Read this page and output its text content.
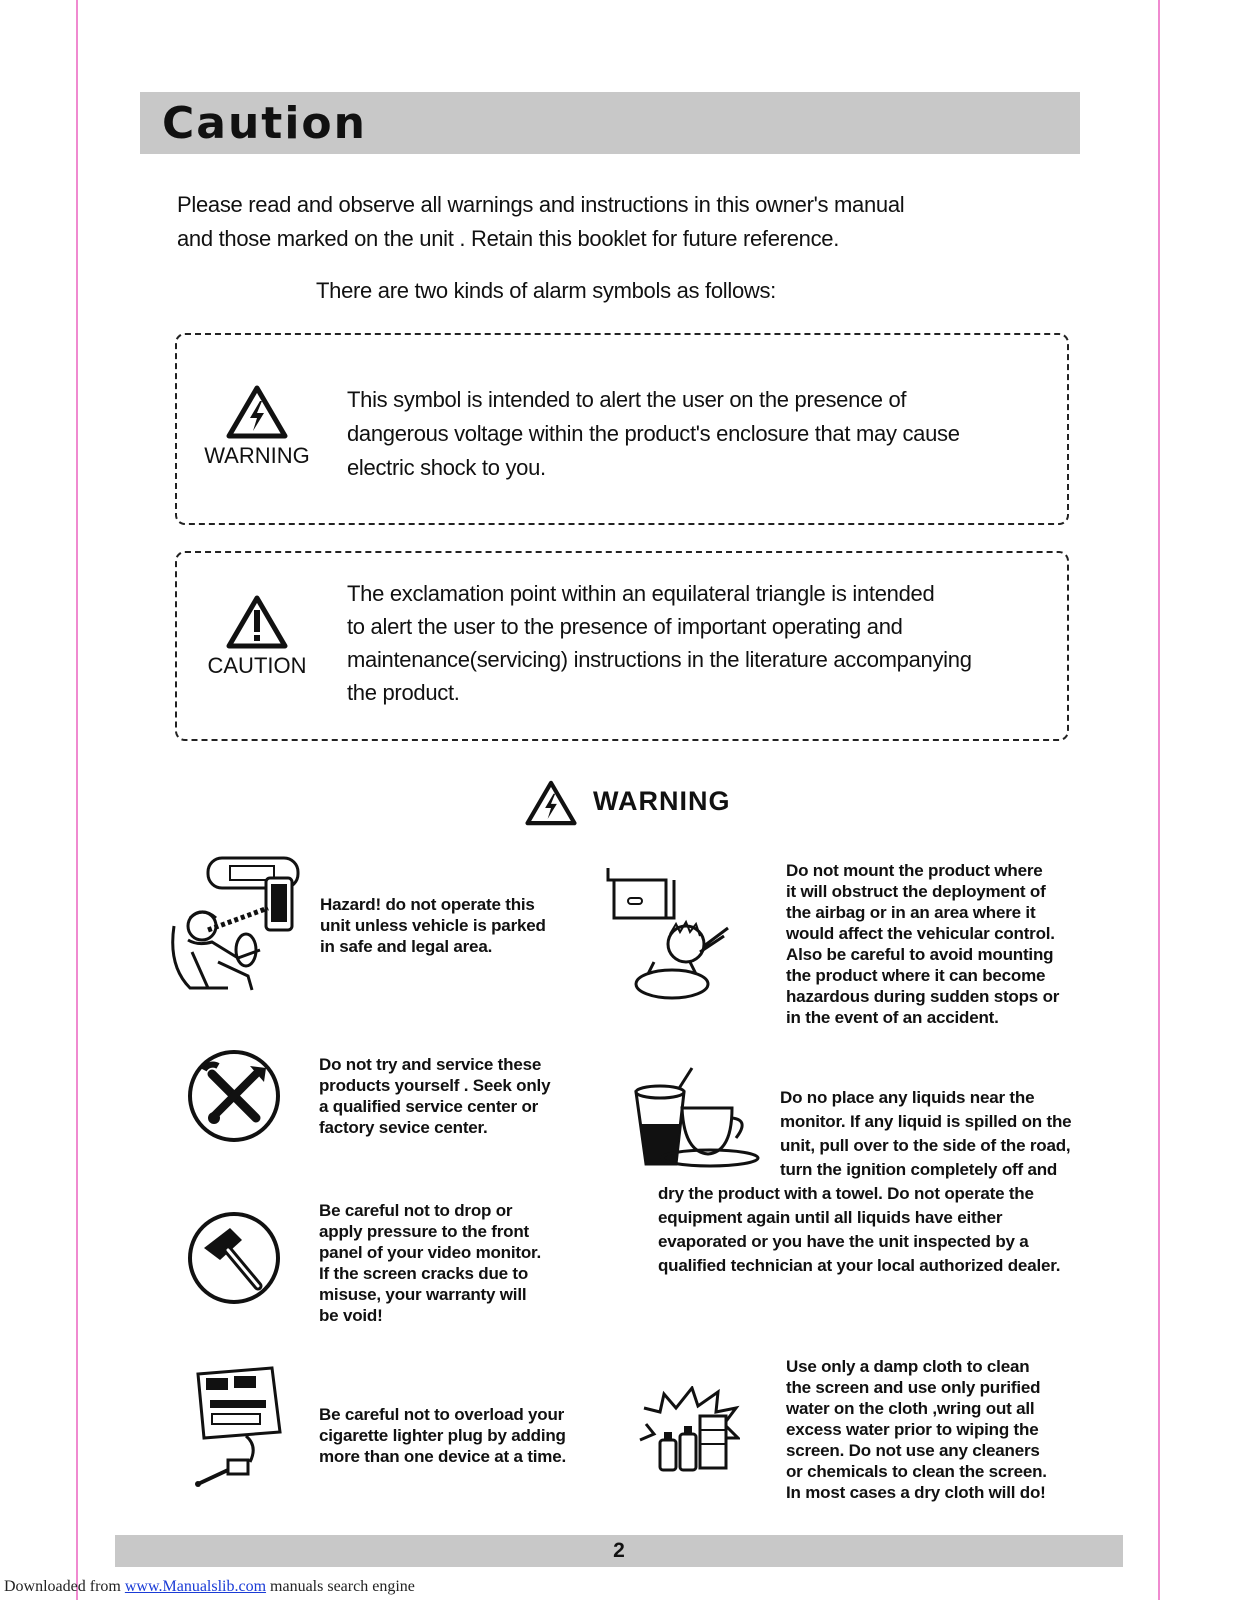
Caution
Please read and observe all warnings and instructions in this owner's manual
and those marked on the unit . Retain this booklet for future reference.
There are two kinds of alarm symbols as follows:
WARNING
This symbol is intended to alert the user on the presence of
dangerous voltage within the product's enclosure that may cause
electric shock to you.
CAUTION
The exclamation point within an equilateral triangle is intended
to alert the user to the presence of important operating and
maintenance(servicing) instructions in the literature accompanying
the product.
WARNING
Hazard! do not operate this
unit unless vehicle is parked
in safe and legal area.
Do not mount the product where
it will obstruct the deployment of
the airbag or in an area where it
would affect the vehicular control.
Also be careful to avoid mounting
the product where it can become
hazardous during sudden stops or
in the event of an accident.
Do not try and service these
products yourself . Seek only
a qualified service center or
factory sevice center.
Do no place any liquids near the
monitor. If any liquid is spilled on the
unit, pull over to the side of the road,
turn the ignition completely off and
dry the product with a towel. Do not operate the
equipment again until all liquids have either
evaporated or you have the unit inspected by a
qualified technician at your local authorized dealer.
Be careful not to drop or
apply pressure to the front
panel of your video monitor.
If the screen cracks due to
misuse, your warranty will
be void!
Be careful not to overload your
cigarette lighter plug by adding
more than one device at a time.
Use only a damp cloth to clean
the screen and use only purified
water on the cloth ,wring out all
excess water prior to wiping the
screen. Do not use any cleaners
or chemicals to clean the screen.
In most cases a dry cloth will do!
2
Downloaded from www.Manualslib.com manuals search engine
